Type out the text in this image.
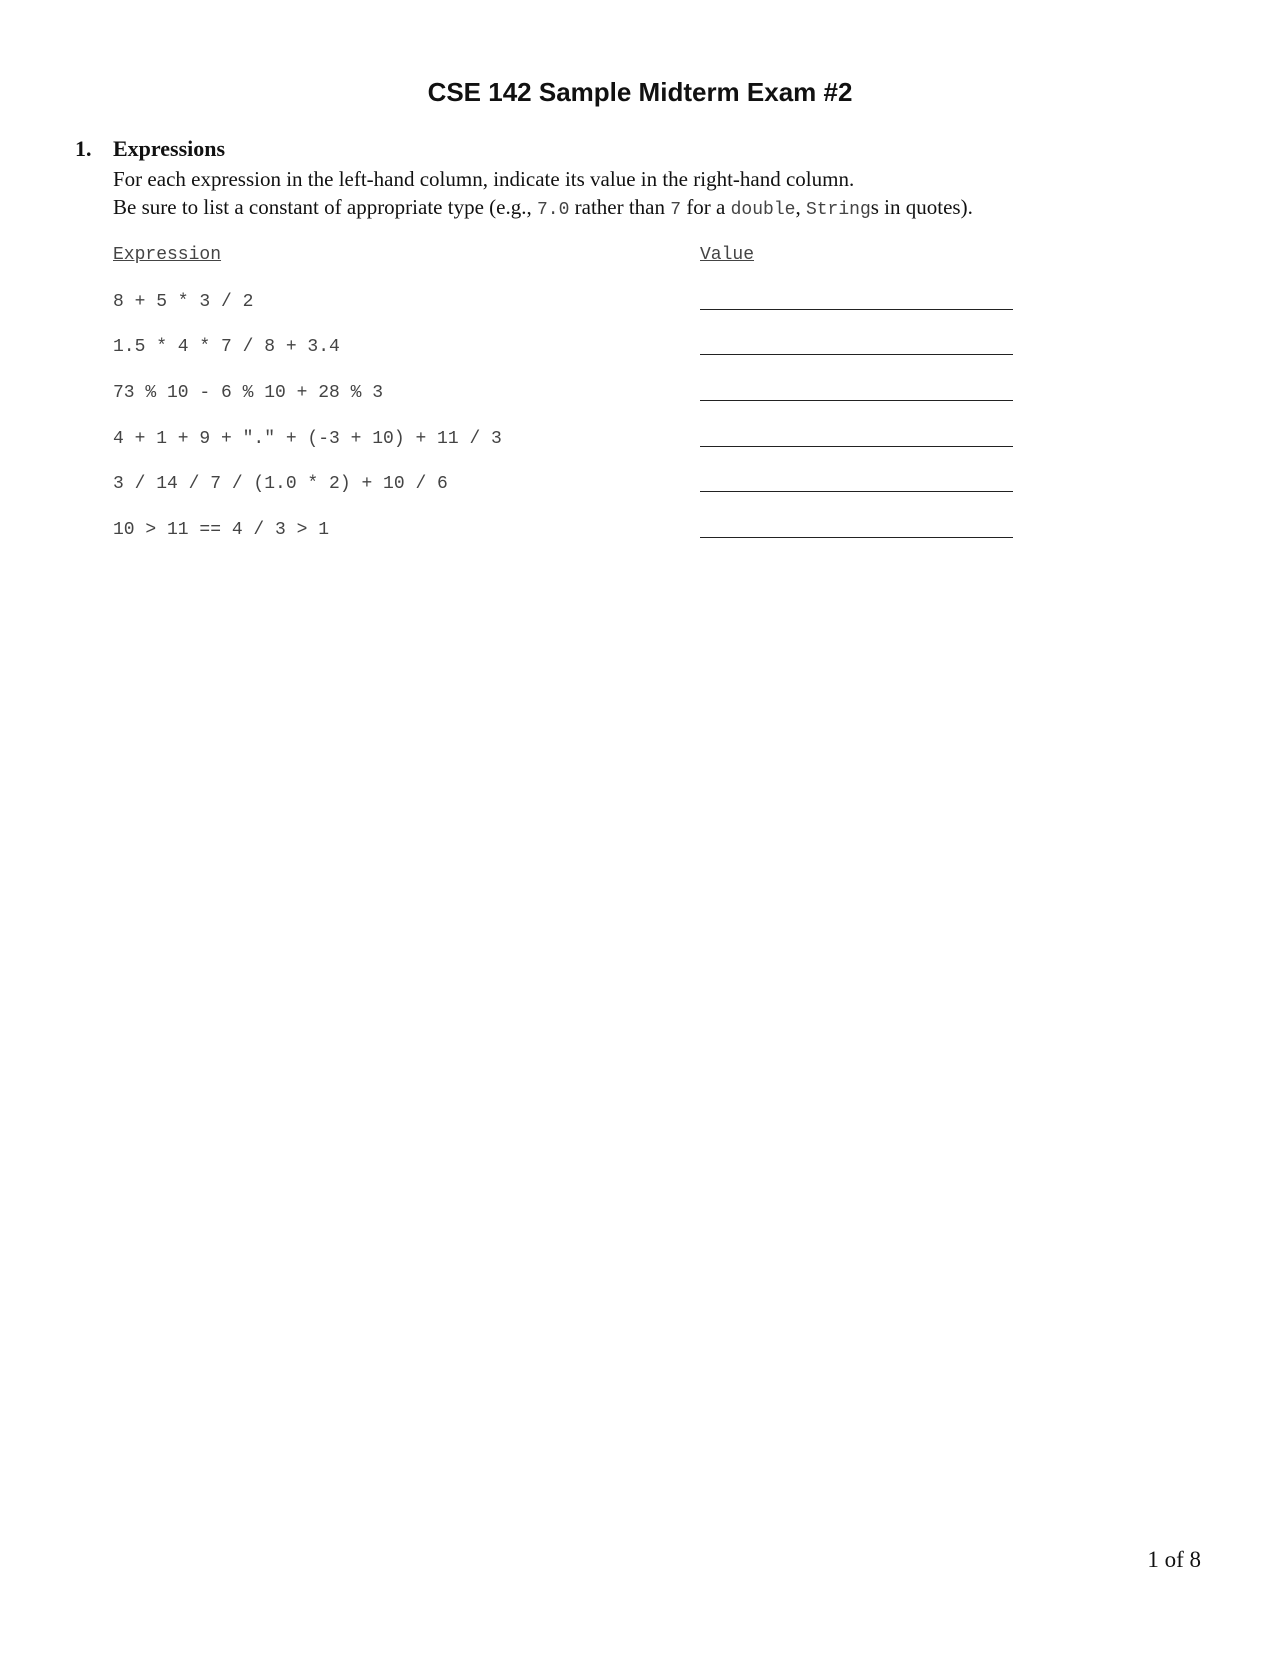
CSE 142 Sample Midterm Exam #2
1. Expressions
For each expression in the left-hand column, indicate its value in the right-hand column.
Be sure to list a constant of appropriate type (e.g., 7.0 rather than 7 for a double, Strings in quotes).
Expression	Value
8 + 5 * 3 / 2
1.5 * 4 * 7 / 8 + 3.4
73 % 10 - 6 % 10 + 28 % 3
4 + 1 + 9 + "." + (-3 + 10) + 11 / 3
3 / 14 / 7 / (1.0 * 2) + 10 / 6
10 > 11 == 4 / 3 > 1
1 of 8
